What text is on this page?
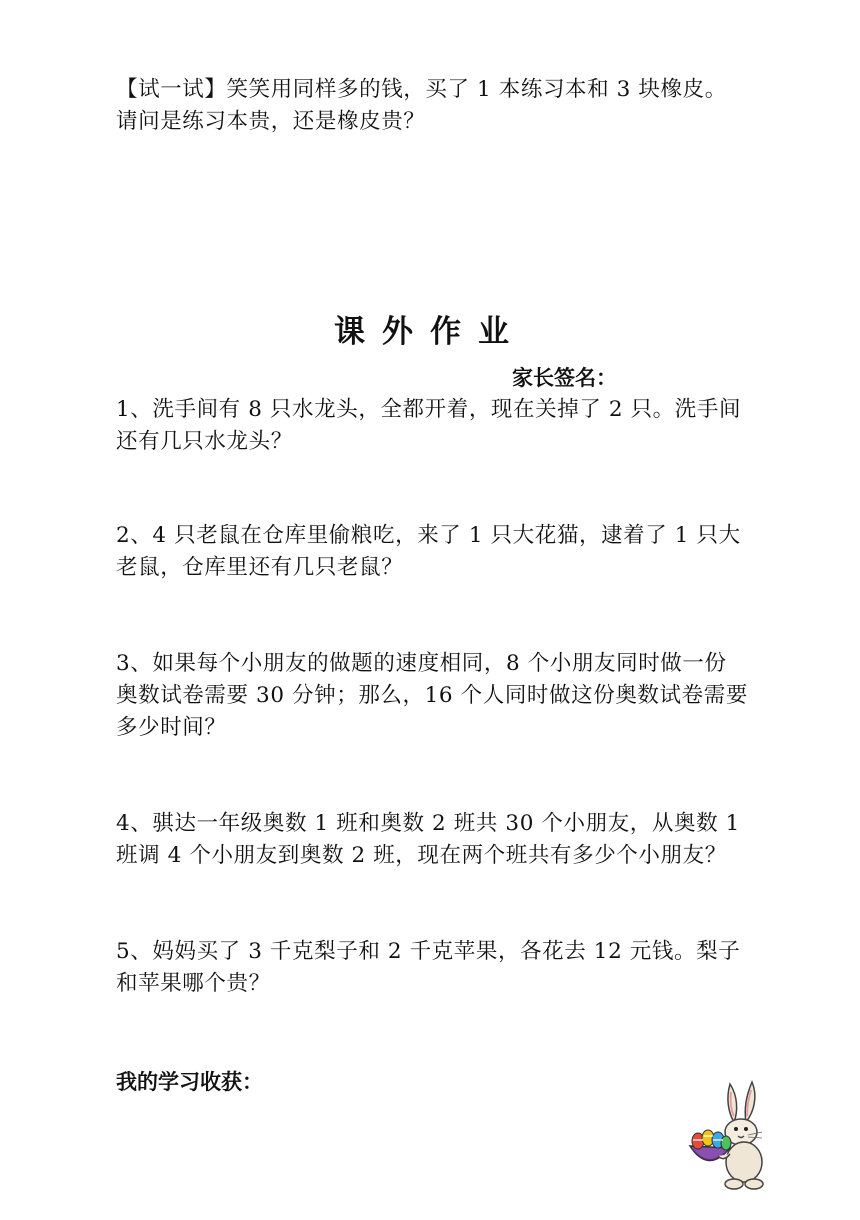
【试一试】笑笑用同样多的钱，买了 1 本练习本和 3 块橡皮。
请问是练习本贵，还是橡皮贵？

课外作业

家长签名：

1、洗手间有 8 只水龙头，全都开着，现在关掉了 2 只。洗手间还有几只水龙头？

2、4 只老鼠在仓库里偷粮吃，来了 1 只大花猫，逮着了 1 只大老鼠，仓库里还有几只老鼠？

3、如果每个小朋友的做题的速度相同，8 个小朋友同时做一份奥数试卷需要 30 分钟；那么，16 个人同时做这份奥数试卷需要多少时间？

4、骐达一年级奥数 1 班和奥数 2 班共 30 个小朋友，从奥数 1 班调 4 个小朋友到奥数 2 班，现在两个班共有多少个小朋友？

5、妈妈买了 3 千克梨子和 2 千克苹果，各花去 12 元钱。梨子和苹果哪个贵？

我的学习收获：
